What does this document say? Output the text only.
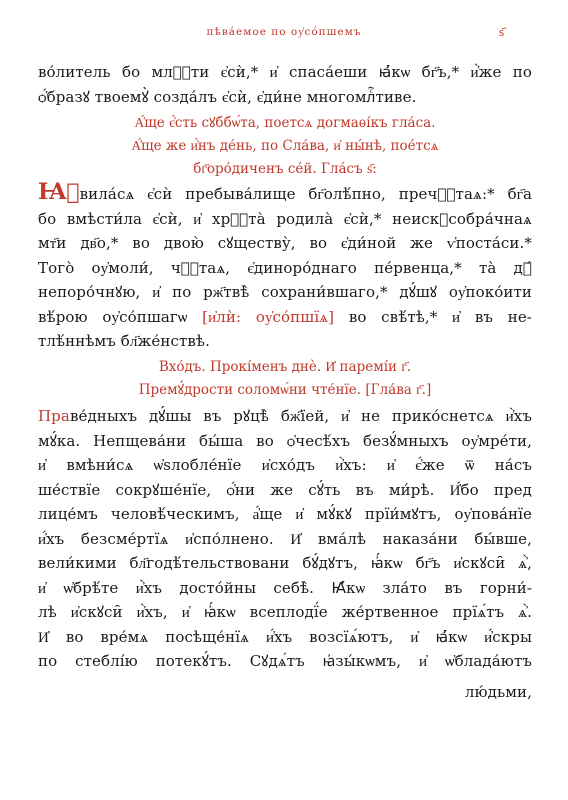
пѣва́емое по оу҆со́пшемъ	ѕ҃
во́литель бо млⷭ҇ти є҆сѝ,* и҆ спаса́еши ꙗ҆́кѡ бг҃ъ,* и҆̀же по
ѻ҆́бразꙋ твоемꙋ̀ созда́лъ є҆сѝ, є҆ди́не многомлⷭ҇тиве.
А҆́ще є҆́сть сꙋббѡ́та, поетсѧ догмаѳі́къ гла́са.
А҆́ще же и҆́нъ де́нь, по Сла́ва, и҆ ны́нѣ, пое́тсѧ
бг҃оро́диченъ се́й. Гла́съ ѕ҃:
Ꙗ҆вила́сѧ є҆сѝ пребыва́лище бг҃олѣ́пно, пречⷭ҇таѧ:* бг҃а
бо вмѣсти́ла є҆сѝ, и҆ хрⷭ҇та̀ родила̀ є҆сѝ,* неискꙋсобра́чнаѧ
мт҃и дв҃о,* во двою̀ сꙋществу̀, во є҆ди́ной же ѵ҆поста́си.*
Того̀ оу҆моли́, чⷭ҇таѧ, є҆диноро́днаго пе́рвенца,* та̀ дꙋ́
непоро́чнꙋю, и҆ по рж҃твѣ̀ сохрани́вшаго,* дꙋ́шꙋ оу҆поко́ити
вѣ́рою оу҆со́пшагѡ [и҆лѝ: оу҆со́пшїѧ] во свѣ́тѣ,* и҆ въ не-
тлѣ́ннѣмъ бл҃же́нствѣ.
Вхо́дъ. Прокі́менъ днѐ. И҆ паремі́и г҃.
Премꙋ́дрости соломѡ́ни чте́нїе. [Гла́ва г҃.]
Праве́дныхъ дꙋ́шы въ рꙋцѣ̀ бж҃їей, и҆ не прико́снетсѧ и҆̀хъ
мꙋ́ка. Непщева́ни бы́ша во ѻ҆чесѣ́хъ безꙋ́мныхъ оу҆мре́ти,
и҆ вмѣни́сѧ ѡ҆ѕлобле́нїе и҆схо́дъ и҆̀хъ: и҆ є҆́же ѿ на́съ
ше́ствїе сокрꙋше́нїе, ѻ҆́ни же сꙋ́ть въ ми́рѣ. И҆́бо пред
лице́мъ человѣ́ческимъ, а҆́ще и҆ мꙋ́кꙋ прїи́мꙋтъ, оу҆пова́нїе
и҆́хъ безсме́ртїѧ и҆спо́лнено. И҆ вма́лѣ наказа́ни бы́вше,
вели́кими бл҃годѣ́тельствовани бꙋ́дꙋтъ, ꙗ҆́кѡ бг҃ъ и҆скꙋси̑ ѧ҆̀,
и҆ ѡ҆брѣ́те и҆̀хъ досто́йны себѣ̀. Ꙗ҆́кѡ зла́то въ горни́-
лѣ и҆скꙋси̑ и҆̀хъ, и҆ ꙗ҆́кѡ всеплодї́е же́ртвенное прїѧ́тъ ѧ҆̀.
И҆ во вре́мѧ посѣще́нїѧ и҆́хъ возсїѧ́ютъ, и҆ ꙗ҆́кѡ и҆́скры
по стеблі́ю потекꙋ́тъ. Сꙋдѧ́тъ ꙗ҆зы́кѡмъ, и҆ ѡ҆блада́ютъ
лю́дьми,
